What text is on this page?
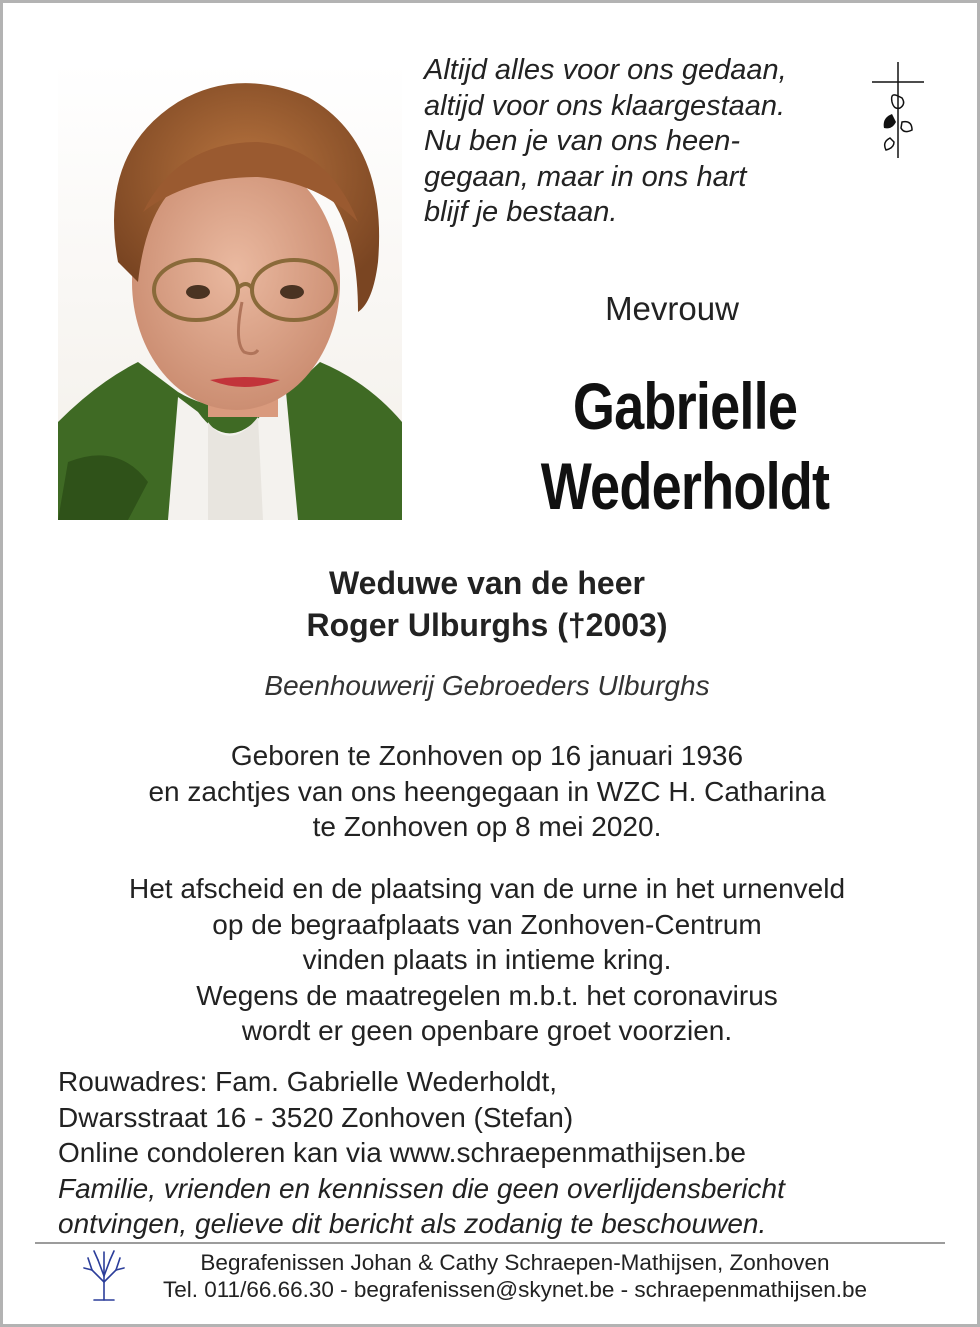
Altijd alles voor ons gedaan,
altijd voor ons klaargestaan.
Nu ben je van ons heen-
gegaan, maar in ons hart
blijf je bestaan.
Mevrouw
Gabrielle
Wederholdt
Weduwe van de heer
Roger Ulburghs (†2003)
Beenhouwerij Gebroeders Ulburghs
Geboren te Zonhoven op 16 januari 1936
en zachtjes van ons heengegaan in WZC H. Catharina
te Zonhoven op 8 mei 2020.
Het afscheid en de plaatsing van de urne in het urnenveld
op de begraafplaats van Zonhoven-Centrum
vinden plaats in intieme kring.
Wegens de maatregelen m.b.t. het coronavirus
wordt er geen openbare groet voorzien.
Rouwadres: Fam. Gabrielle Wederholdt,
Dwarsstraat 16 - 3520 Zonhoven (Stefan)
Online condoleren kan via www.schraepenmathijsen.be
Familie, vrienden en kennissen die geen overlijdensbericht
ontvingen, gelieve dit bericht als zodanig te beschouwen.
Begrafenissen Johan & Cathy Schraepen-Mathijsen, Zonhoven
Tel. 011/66.66.30 - begrafenissen@skynet.be - schraepenmathijsen.be
